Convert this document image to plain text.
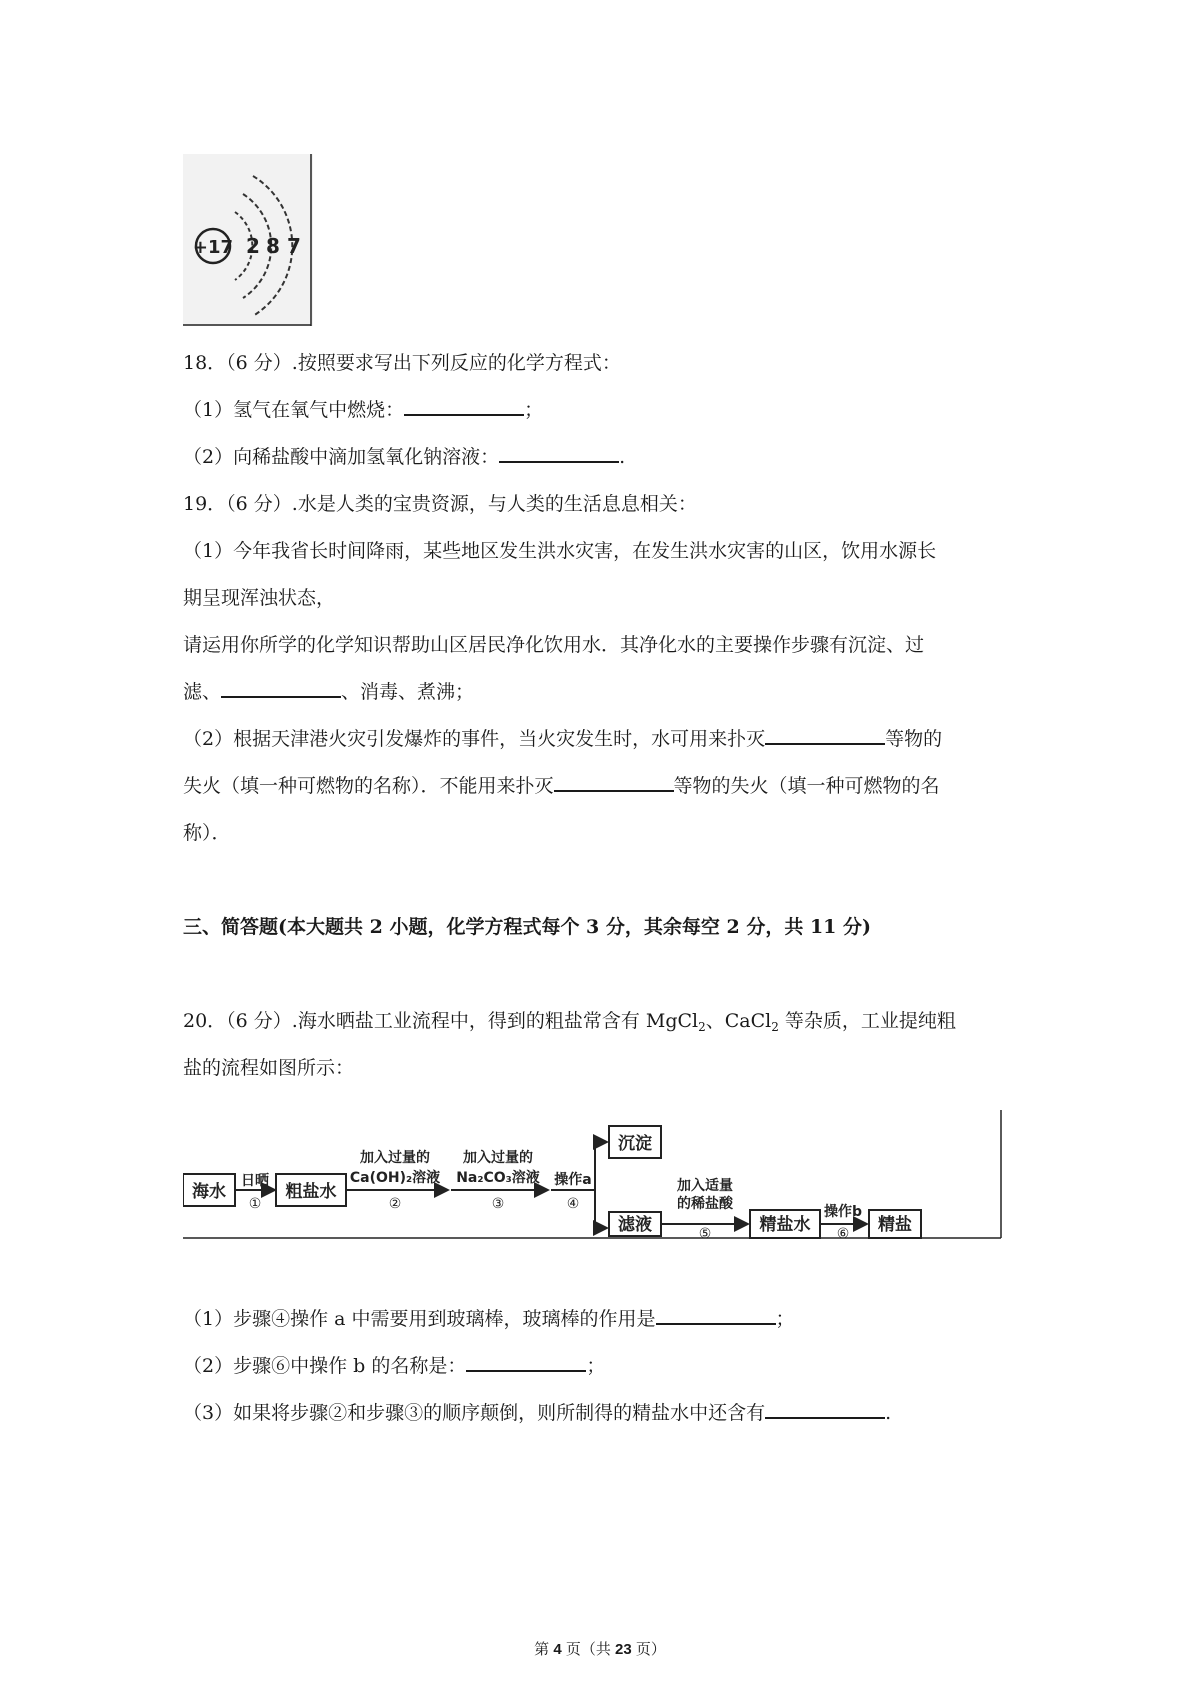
+17 2 8 7
18．（6 分）.按照要求写出下列反应的化学方程式：
（1）氢气在氧气中燃烧：	；
（2）向稀盐酸中滴加氢氧化钠溶液：	.
19．（6 分）.水是人类的宝贵资源，与人类的生活息息相关：
（1）今年我省长时间降雨，某些地区发生洪水灾害，在发生洪水灾害的山区，饮用水源长
期呈现浑浊状态，
请运用你所学的化学知识帮助山区居民净化饮用水．其净化水的主要操作步骤有沉淀、过
滤、	、消毒、煮沸；
（2）根据天津港火灾引发爆炸的事件，当火灾发生时，水可用来扑灭	等物的
失火（填一种可燃物的名称）．不能用来扑灭	等物的失火（填一种可燃物的名
称）．
三、简答题(本大题共 2 小题，化学方程式每个 3 分，其余每空 2 分，共 11 分)
20．（6 分）.海水晒盐工业流程中，得到的粗盐常含有 MgCl$_2$、CaCl$_2$ 等杂质，工业提纯粗
盐的流程如图所示：
海水
日晒
①
粗盐水
加入过量的
Ca(OH)₂溶液
②
加入过量的
Na₂CO₃溶液
③
操作a
④
沉淀
滤液
加入适量
的稀盐酸
⑤	精盐水
操作b
⑥ 精盐
（1）步骤④操作 a 中需要用到玻璃棒，玻璃棒的作用是	；
（2）步骤⑥中操作 b 的名称是：	；
（3）如果将步骤②和步骤③的顺序颠倒，则所制得的精盐水中还含有	.
第 4 页（共 23 页）
